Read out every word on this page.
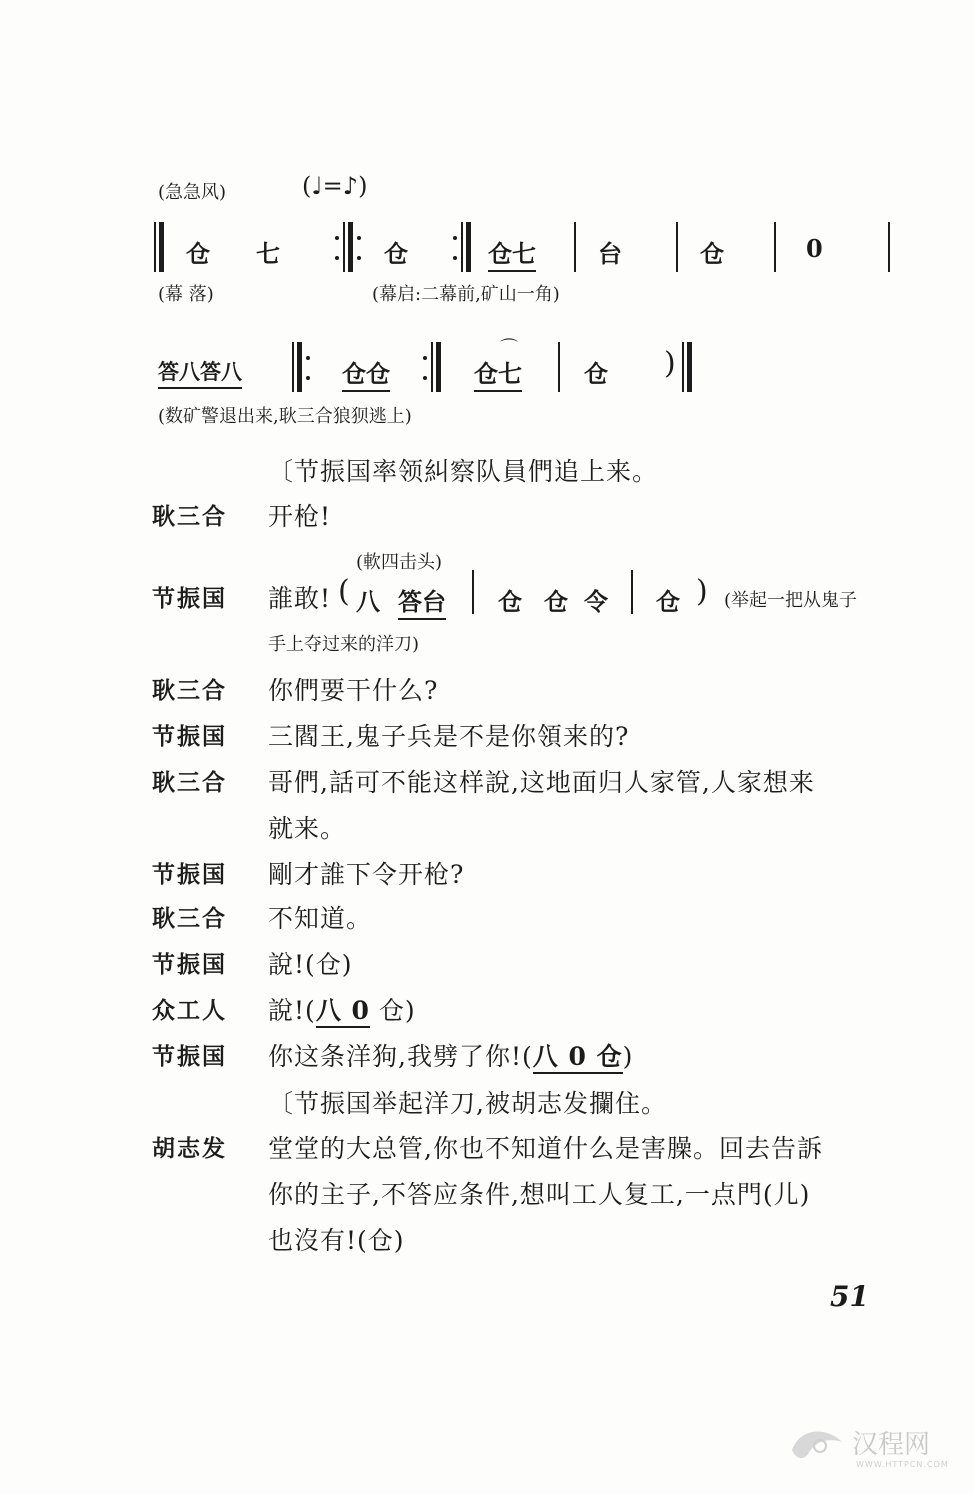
(急急风)	(♩=♪)
仓 七	仓	仓七	台	仓	0
(幕 落)	(幕启:二幕前,矿山一角)
答八答八	仓仓
⌒
仓七	仓 )
(数矿警退出来,耿三合狼狈逃上)
〔节振国率领糾察队員們追上来。
耿三合 开枪!
(軟四击头)
节振国 誰敢! ( 八 答台 仓 仓 令 仓 ) (举起一把从鬼子
手上夺过来的洋刀)
耿三合 你們要干什么?
节振国 三閻王,鬼子兵是不是你領来的?
耿三合 哥們,話可不能这样說,这地面归人家管,人家想来
就来。
节振国 剛才誰下令开枪?
耿三合 不知道。
节振国 說!(仓)
众工人 說!(八 0 仓)
节振国 你这条洋狗,我劈了你!(八 0 仓)
〔节振国举起洋刀,被胡志发攔住。
胡志发 堂堂的大总管,你也不知道什么是害臊。回去告訴
你的主子,不答应条件,想叫工人复工,一点門(儿)
也沒有!(仓)
51
汉程网
WWW.HTTPCN.COM
